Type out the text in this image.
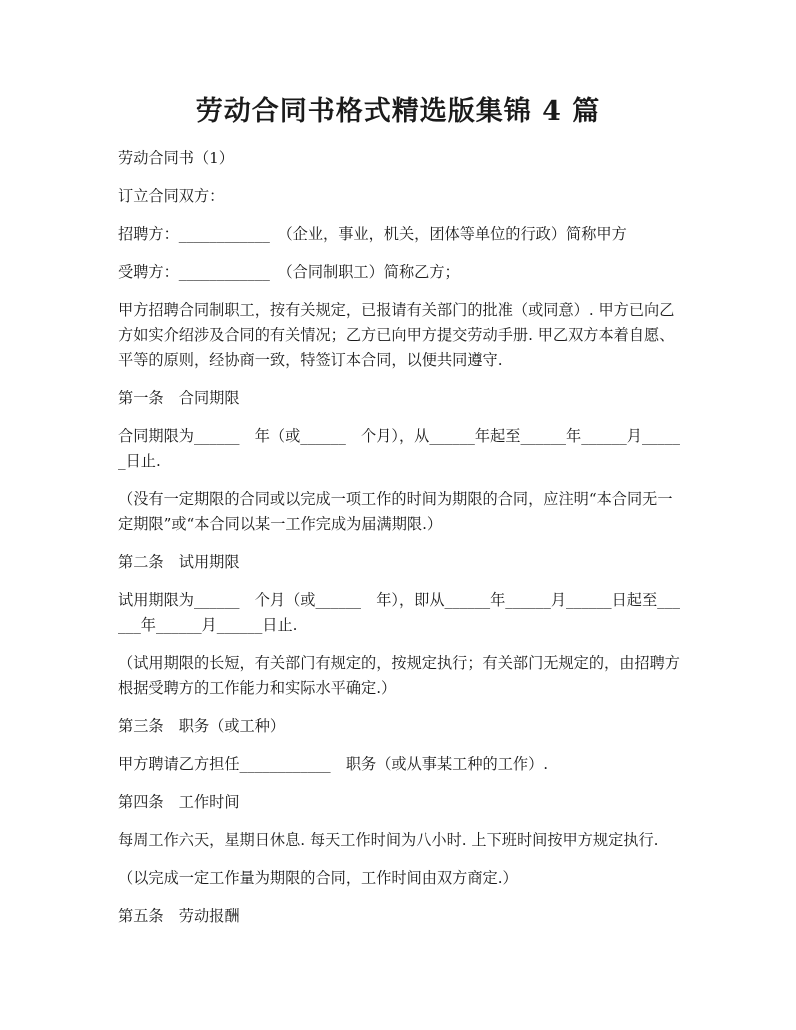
劳动合同书格式精选版集锦 4 篇

劳动合同书（1）

订立合同双方：

招聘方：____________　（企业，事业，机关，团体等单位的行政）简称甲方

受聘方：____________　（合同制职工）简称乙方；

甲方招聘合同制职工，按有关规定，已报请有关部门的批准（或同意）. 甲方已向乙方如实介绍涉及合同的有关情况；乙方已向甲方提交劳动手册. 甲乙双方本着自愿、平等的原则，经协商一致，特签订本合同，以便共同遵守.

第一条　合同期限

合同期限为______　年（或______　个月），从______年起至______年______月______日止.

（没有一定期限的合同或以完成一项工作的时间为期限的合同，应注明“本合同无一定期限”或“本合同以某一工作完成为届满期限.）

第二条　试用期限

试用期限为______　个月（或______　年），即从______年______月______日起至______年______月______日止.

（试用期限的长短，有关部门有规定的，按规定执行；有关部门无规定的，由招聘方根据受聘方的工作能力和实际水平确定.）

第三条　职务（或工种）

甲方聘请乙方担任____________　职务（或从事某工种的工作）.

第四条　工作时间

每周工作六天，星期日休息. 每天工作时间为八小时. 上下班时间按甲方规定执行.

（以完成一定工作量为期限的合同，工作时间由双方商定.）

第五条　劳动报酬
